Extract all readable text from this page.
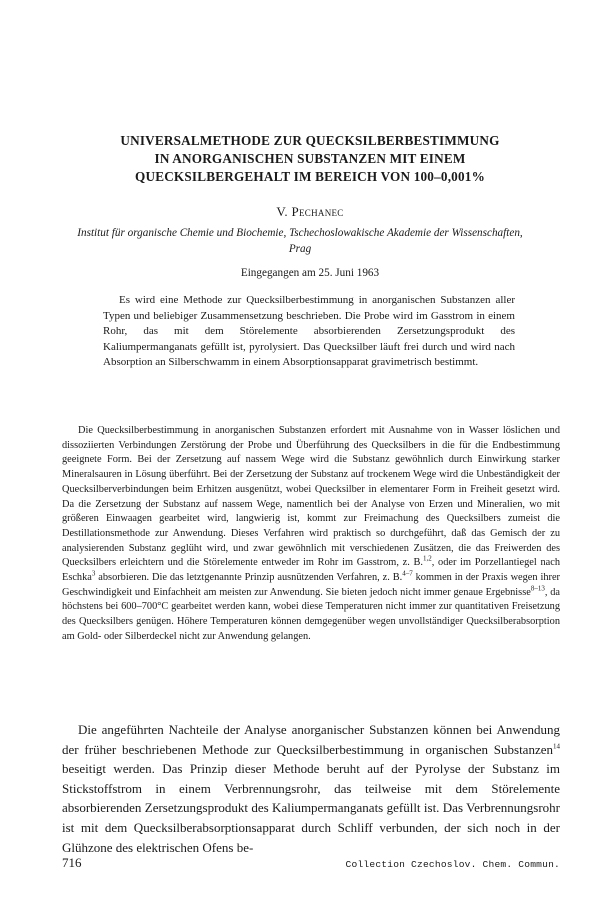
UNIVERSALMETHODE ZUR QUECKSILBERBESTIMMUNG
IN ANORGANISCHEN SUBSTANZEN MIT EINEM
QUECKSILBERGEHALT IM BEREICH VON 100–0,001%
V. Pechanec
Institut für organische Chemie und Biochemie, Tschechoslowakische Akademie der Wissenschaften,
Prag
Eingegangen am 25. Juni 1963

Es wird eine Methode zur Quecksilberbestimmung in anorganischen Substanzen aller Typen und beliebiger Zusammensetzung beschrieben. Die Probe wird im Gasstrom in einem Rohr, das mit dem Störelemente absorbierenden Zersetzungsprodukt des Kaliumpermanganats gefüllt ist, pyrolysiert. Das Quecksilber läuft frei durch und wird nach Absorption an Silberschwamm in einem Absorptionsapparat gravimetrisch bestimmt.

Die Quecksilberbestimmung in anorganischen Substanzen erfordert mit Ausnahme von in Wasser löslichen und dissoziierten Verbindungen Zerstörung der Probe und Überführung des Quecksilbers in die für die Endbestimmung geeignete Form. Bei der Zersetzung auf nassem Wege wird die Substanz gewöhnlich durch Einwirkung starker Mineralsauren in Lösung überführt. Bei der Zersetzung der Substanz auf trockenem Wege wird die Unbeständigkeit der Quecksilberverbindungen beim Erhitzen ausgenützt, wobei Quecksilber in elementarer Form in Freiheit gesetzt wird. Da die Zersetzung der Substanz auf nassem Wege, namentlich bei der Analyse von Erzen und Mineralien, wo mit größeren Einwaagen gearbeitet wird, langwierig ist, kommt zur Freimachung des Quecksilbers zumeist die Destillationsmethode zur Anwendung. Dieses Verfahren wird praktisch so durchgeführt, daß das Gemisch der zu analysierenden Substanz geglüht wird, und zwar gewöhnlich mit verschiedenen Zusätzen, die das Freiwerden des Quecksilbers erleichtern und die Störelemente entweder im Rohr im Gasstrom, z. B.$^{1,2}$, oder im Porzellantiegel nach Eschka$^3$ absorbieren. Die das letztgenannte Prinzip ausnützenden Verfahren, z. B.$^{4-7}$ kommen in der Praxis wegen ihrer Geschwindigkeit und Einfachheit am meisten zur Anwendung. Sie bieten jedoch nicht immer genaue Ergebnisse$^{8-13}$, da höchstens bei 600–700°C gearbeitet werden kann, wobei diese Temperaturen nicht immer zur quantitativen Freisetzung des Quecksilbers genügen. Höhere Temperaturen können demgegenüber wegen unvollständiger Quecksilberabsorption am Gold- oder Silberdeckel nicht zur Anwendung gelangen.

Die angeführten Nachteile der Analyse anorganischer Substanzen können bei Anwendung der früher beschriebenen Methode zur Quecksilberbestimmung in organischen Substanzen$^{14}$ beseitigt werden. Das Prinzip dieser Methode beruht auf der Pyrolyse der Substanz im Stickstoffstrom in einem Verbrennungsrohr, das teilweise mit dem Störelemente absorbierenden Zersetzungsprodukt des Kaliumpermanganats gefüllt ist. Das Verbrennungsrohr ist mit dem Quecksilberabsorptionsapparat durch Schliff verbunden, der sich noch in der Glühzone des elektrischen Ofens be-

716	Collection Czechoslov. Chem. Commun.
